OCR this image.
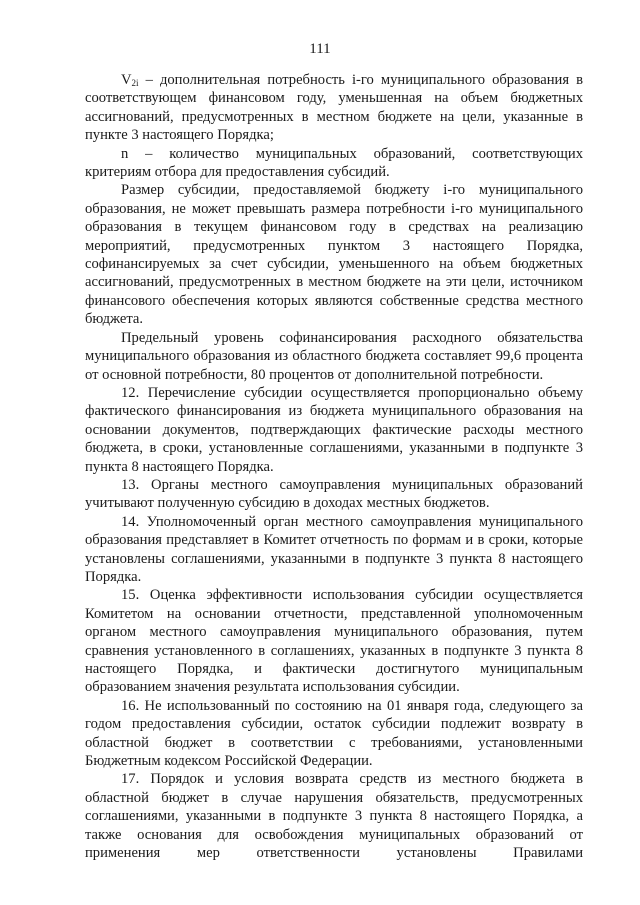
111

$V_{2i}$ – дополнительная потребность i-го муниципального образования в соответствующем финансовом году, уменьшенная на объем бюджетных ассигнований, предусмотренных в местном бюджете на цели, указанные в пункте 3 настоящего Порядка;

n – количество муниципальных образований, соответствующих критериям отбора для предоставления субсидий.

Размер субсидии, предоставляемой бюджету i-го муниципального образования, не может превышать размера потребности i-го муниципального образования в текущем финансовом году в средствах на реализацию мероприятий, предусмотренных пунктом 3 настоящего Порядка, софинансируемых за счет субсидии, уменьшенного на объем бюджетных ассигнований, предусмотренных в местном бюджете на эти цели, источником финансового обеспечения которых являются собственные средства местного бюджета.

Предельный уровень софинансирования расходного обязательства муниципального образования из областного бюджета составляет 99,6 процента от основной потребности, 80 процентов от дополнительной потребности.

12. Перечисление субсидии осуществляется пропорционально объему фактического финансирования из бюджета муниципального образования на основании документов, подтверждающих фактические расходы местного бюджета, в сроки, установленные соглашениями, указанными в подпункте 3 пункта 8 настоящего Порядка.

13. Органы местного самоуправления муниципальных образований учитывают полученную субсидию в доходах местных бюджетов.

14. Уполномоченный орган местного самоуправления муниципального образования представляет в Комитет отчетность по формам и в сроки, которые установлены соглашениями, указанными в подпункте 3 пункта 8 настоящего Порядка.

15. Оценка эффективности использования субсидии осуществляется Комитетом на основании отчетности, представленной уполномоченным органом местного самоуправления муниципального образования, путем сравнения установленного в соглашениях, указанных в подпункте 3 пункта 8 настоящего Порядка, и фактически достигнутого муниципальным образованием значения результата использования субсидии.

16. Не использованный по состоянию на 01 января года, следующего за годом предоставления субсидии, остаток субсидии подлежит возврату в областной бюджет в соответствии с требованиями, установленными Бюджетным кодексом Российской Федерации.

17. Порядок и условия возврата средств из местного бюджета в областной бюджет в случае нарушения обязательств, предусмотренных соглашениями, указанными в подпункте 3 пункта 8 настоящего Порядка, а также основания для освобождения муниципальных образований от применения мер ответственности установлены Правилами
